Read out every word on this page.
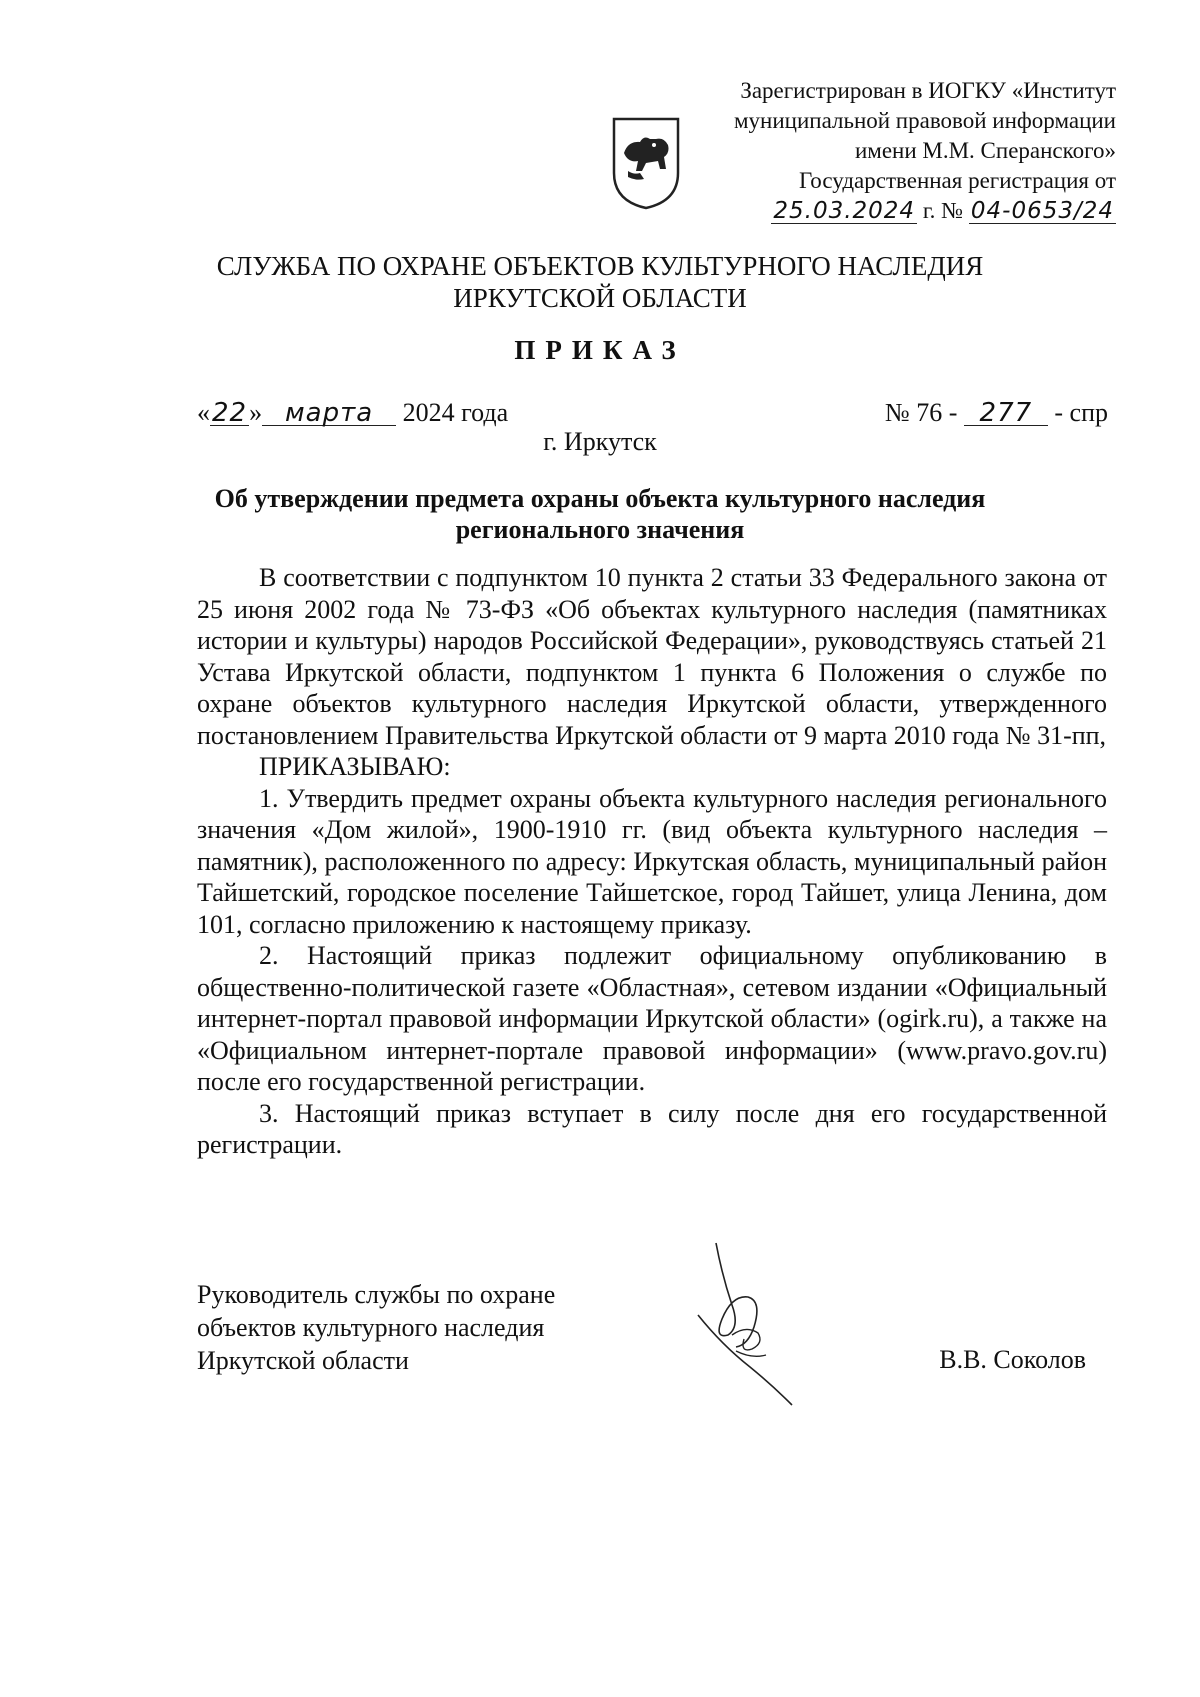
Зарегистрирован в ИОГКУ «Институт
муниципальной правовой информации
имени М.М. Сперанского»
Государственная регистрация от
25.03.2024 г. № 04-0653/24
СЛУЖБА ПО ОХРАНЕ ОБЪЕКТОВ КУЛЬТУРНОГО НАСЛЕДИЯ
ИРКУТСКОЙ ОБЛАСТИ
ПРИКАЗ
«22» марта 2024 года	№ 76 - 277 - спр
г. Иркутск
Об утверждении предмета охраны объекта культурного наследия
регионального значения

В соответствии с подпунктом 10 пункта 2 статьи 33 Федерального закона от 25 июня 2002 года № 73-ФЗ «Об объектах культурного наследия (памятниках истории и культуры) народов Российской Федерации», руководствуясь статьей 21 Устава Иркутской области, подпунктом 1 пункта 6 Положения о службе по охране объектов культурного наследия Иркутской области, утвержденного постановлением Правительства Иркутской области от 9 марта 2010 года № 31-пп,

ПРИКАЗЫВАЮ:

1. Утвердить предмет охраны объекта культурного наследия регионального значения «Дом жилой», 1900-1910 гг. (вид объекта культурного наследия – памятник), расположенного по адресу: Иркутская область, муниципальный район Тайшетский, городское поселение Тайшетское, город Тайшет, улица Ленина, дом 101, согласно приложению к настоящему приказу.

2. Настоящий приказ подлежит официальному опубликованию в общественно-политической газете «Областная», сетевом издании «Официальный интернет-портал правовой информации Иркутской области» (ogirk.ru), а также на «Официальном интернет-портале правовой информации» (www.pravo.gov.ru) после его государственной регистрации.

3. Настоящий приказ вступает в силу после дня его государственной регистрации.

Руководитель службы по охране
объектов культурного наследия
Иркутской области	В.В. Соколов
